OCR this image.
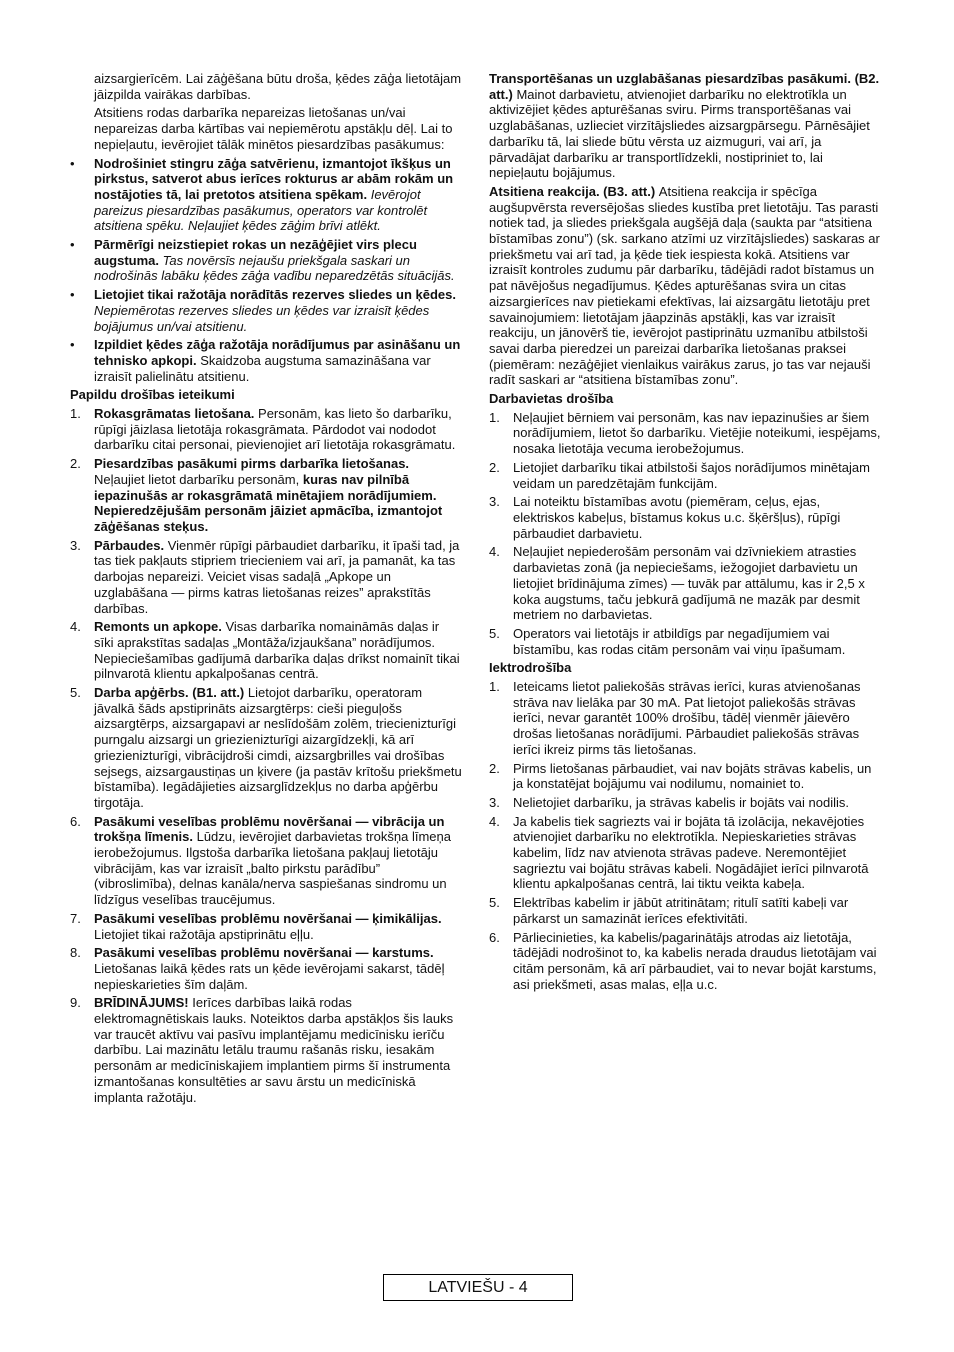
aizsargierīcēm. Lai zāģēšana būtu droša, ķēdes zāģa lietotājam jāizpilda vairākas darbības.

Atsitiens rodas darbarīka nepareizas lietošanas un/vai nepareizas darba kārtības vai nepiemērotu apstākļu dēļ. Lai to nepieļautu, ievērojiet tālāk minētos piesardzības pasākumus:

• Nodrošiniet stingru zāģa satvērienu, izmantojot īkšķus un pirkstus, satverot abus ierīces rokturus ar abām rokām un nostājoties tā, lai pretotos atsitiena spēkam. Ievērojot pareizus piesardzības pasākumus, operators var kontrolēt atsitiena spēku. Neļaujiet ķēdes zāģim brīvi atlēkt.
• Pārmērīgi neizstiepiet rokas un nezāģējiet virs plecu augstuma. Tas novērsīs nejaušu priekšgala saskari un nodrošinās labāku ķēdes zāģa vadību neparedzētās situācijās.
• Lietojiet tikai ražotāja norādītās rezerves sliedes un ķēdes. Nepiemērotas rezerves sliedes un ķēdes var izraisīt ķēdes bojājumus un/vai atsitienu.
• Izpildiet ķēdes zāģa ražotāja norādījumus par asināšanu un tehnisko apkopi. Skaidzoba augstuma samazināšana var izraisīt palielinātu atsitienu.

Papildu drošības ieteikumi

1. Rokasgrāmatas lietošana. Personām, kas lieto šo darbarīku, rūpīgi jāizlasa lietotāja rokasgrāmata. Pārdodot vai nododot darbarīku citai personai, pievienojiet arī lietotāja rokasgrāmatu.
2. Piesardzības pasākumi pirms darbarīka lietošanas. Neļaujiet lietot darbarīku personām, kuras nav pilnībā iepazinušās ar rokasgrāmatā minētajiem norādījumiem. Nepieredzējušām personām jāiziet apmācība, izmantojot zāģēšanas steķus.
3. Pārbaudes. Vienmēr rūpīgi pārbaudiet darbarīku, it īpaši tad, ja tas tiek pakļauts stipriem triecieniem vai arī, ja pamanāt, ka tas darbojas nepareizi. Veiciet visas sadaļā „Apkope un uzglabāšana — pirms katras lietošanas reizes” aprakstītās darbības.
4. Remonts un apkope. Visas darbarīka nomaināmās daļas ir sīki aprakstītas sadaļas „Montāža/izjaukšana” norādījumos. Nepieciešamības gadījumā darbarīka daļas drīkst nomainīt tikai pilnvarotā klientu apkalpošanas centrā.
5. Darba apģērbs. (B1. att.) Lietojot darbarīku, operatoram jāvalkā šāds apstiprināts aizsargtērps: cieši pieguļošs aizsargtērps, aizsargapavi ar neslīdošām zolēm, triecienizturīgi purngalu aizsargi un griezienizturīgi aizargīdzekļi, kā arī griezienizturīgi, vibrācijdroši cimdi, aizsargbrilles vai drošības sejsegs, aizsargaustiņas un ķivere (ja pastāv krītošu priekšmetu bīstamība). Iegādājieties aizsarglīdzekļus no darba apģērbu tirgotāja.
6. Pasākumi veselības problēmu novēršanai — vibrācija un trokšņa līmenis. Lūdzu, ievērojiet darbavietas trokšņa līmeņa ierobežojumus. Ilgstoša darbarīka lietošana pakļauj lietotāju vibrācijām, kas var izraisīt „balto pirkstu parādību” (vibroslimība), delnas kanāla/nerva saspiešanas sindromu un līdzīgus veselības traucējumus.
7. Pasākumi veselības problēmu novēršanai — ķimikālijas. Lietojiet tikai ražotāja apstiprinātu eļļu.
8. Pasākumi veselības problēmu novēršanai — karstums. Lietošanas laikā ķēdes rats un ķēde ievērojami sakarst, tādēļ nepieskarieties šīm daļām.
9. BRĪDINĀJUMS! Ierīces darbības laikā rodas elektromagnētiskais lauks. Noteiktos darba apstākļos šis lauks var traucēt aktīvu vai pasīvu implantējamu medicīnisku ierīču darbību. Lai mazinātu letālu traumu rašanās risku, iesakām personām ar medicīniskajiem implantiem pirms šī instrumenta izmantošanas konsultēties ar savu ārstu un medicīniskā implanta ražotāju.

Transportēšanas un uzglabāšanas piesardzības pasākumi. (B2. att.) Mainot darbavietu, atvienojiet darbarīku no elektrotīkla un aktivizējiet ķēdes apturēšanas sviru. Pirms transportēšanas vai uzglabāšanas, uzlieciet virzītājsliedes aizsargpārsegu. Pārnēsājiet darbarīku tā, lai sliede būtu vērsta uz aizmuguri, vai arī, ja pārvadājat darbarīku ar transportlīdzekli, nostipriniet to, lai nepieļautu bojājumus.

Atsitiena reakcija. (B3. att.) Atsitiena reakcija ir spēcīga augšupvērsta reversējošas sliedes kustība pret lietotāju. Tas parasti notiek tad, ja sliedes priekšgala augšējā daļa (saukta par “atsitiena bīstamības zonu”) (sk. sarkano atzīmi uz virzītājsliedes) saskaras ar priekšmetu vai arī tad, ja ķēde tiek iespiesta kokā. Atsitiens var izraisīt kontroles zudumu pār darbarīku, tādējādi radot bīstamus un pat nāvējošus negadījumus. Ķēdes apturēšanas svira un citas aizsargierīces nav pietiekami efektīvas, lai aizsargātu lietotāju pret savainojumiem: lietotājam jāapzinās apstākļi, kas var izraisīt reakciju, un jānovērš tie, ievērojot pastiprinātu uzmanību atbilstoši savai darba pieredzei un pareizai darbarīka lietošanas praksei (piemēram: nezāģējiet vienlaikus vairākus zarus, jo tas var nejauši radīt saskari ar “atsitiena bīstamības zonu”.

Darbavietas drošība

1. Neļaujiet bērniem vai personām, kas nav iepazinušies ar šiem norādījumiem, lietot šo darbarīku. Vietējie noteikumi, iespējams, nosaka lietotāja vecuma ierobežojumus.
2. Lietojiet darbarīku tikai atbilstoši šajos norādījumos minētajam veidam un paredzētajām funkcijām.
3. Lai noteiktu bīstamības avotu (piemēram, ceļus, ejas, elektriskos kabeļus, bīstamus kokus u.c. šķēršļus), rūpīgi pārbaudiet darbavietu.
4. Neļaujiet nepiederošām personām vai dzīvniekiem atrasties darbavietas zonā (ja nepieciešams, iežogojiet darbavietu un lietojiet brīdinājuma zīmes) — tuvāk par attālumu, kas ir 2,5 x koka augstums, taču jebkurā gadījumā ne mazāk par desmit metriem no darbavietas.
5. Operators vai lietotājs ir atbildīgs par negadījumiem vai bīstamību, kas rodas citām personām vai viņu īpašumam.

Iektrodrošība

1. Ieteicams lietot paliekošās strāvas ierīci, kuras atvienošanas strāva nav lielāka par 30 mA. Pat lietojot paliekošās strāvas ierīci, nevar garantēt 100% drošību, tādēļ vienmēr jāievēro drošas lietošanas norādījumi. Pārbaudiet paliekošās strāvas ierīci ikreiz pirms tās lietošanas.
2. Pirms lietošanas pārbaudiet, vai nav bojāts strāvas kabelis, un ja konstatējat bojājumu vai nodilumu, nomainiet to.
3. Nelietojiet darbarīku, ja strāvas kabelis ir bojāts vai nodilis.
4. Ja kabelis tiek sagriezts vai ir bojāta tā izolācija, nekavējoties atvienojiet darbarīku no elektrotīkla. Nepieskarieties strāvas kabelim, līdz nav atvienota strāvas padeve. Neremontējiet sagrieztu vai bojātu strāvas kabeli. Nogādājiet ierīci pilnvarotā klientu apkalpošanas centrā, lai tiktu veikta kabeļa.
5. Elektrības kabelim ir jābūt atritinātam; ritulī satīti kabeļi var pārkarst un samazināt ierīces efektivitāti.
6. Pārliecinieties, ka kabelis/pagarinātājs atrodas aiz lietotāja, tādējādi nodrošinot to, ka kabelis nerada draudus lietotājam vai citām personām, kā arī pārbaudiet, vai to nevar bojāt karstums, asi priekšmeti, asas malas, eļļa u.c.
LATVIEŠU - 4
